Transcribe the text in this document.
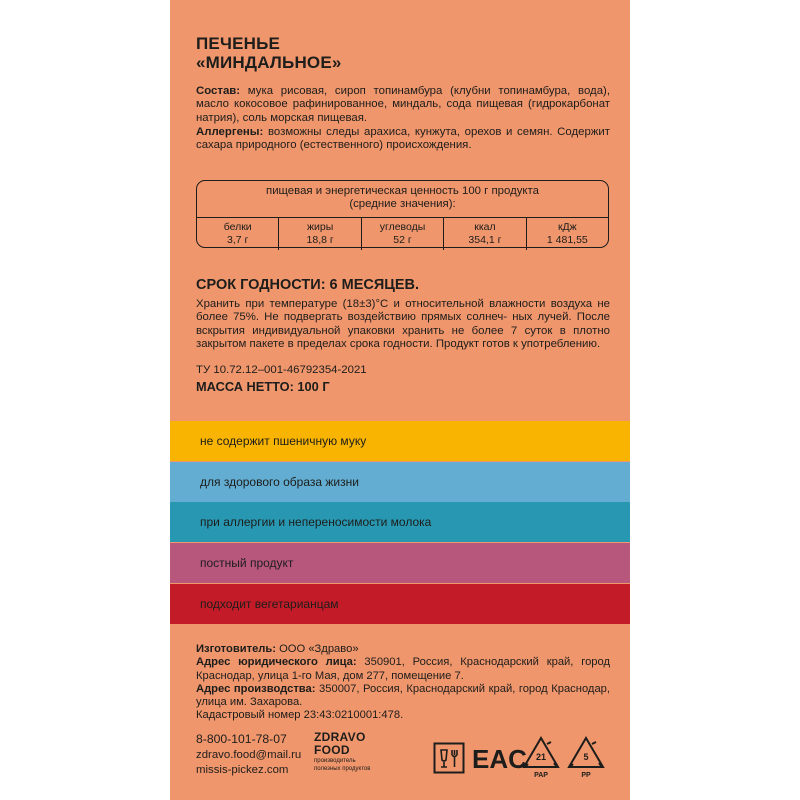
ПЕЧЕНЬЕ
«МИНДАЛЬНОЕ»
Состав: мука рисовая, сироп топинамбура (клубни топинамбура, вода), масло кокосовое рафинированное, миндаль, сода пищевая (гидрокарбонат натрия), соль морская пищевая.
Аллергены: возможны следы арахиса, кунжута, орехов и семян. Содержит сахара природного (естественного) происхождения.
пищевая и энергетическая ценность 100 г продукта
(средние значения):
белки
3,7 г
жиры
18,8 г
углеводы
52 г
ккал
354,1 г
кДж
1 481,55
СРОК ГОДНОСТИ: 6 МЕСЯЦЕВ.
Хранить при температуре (18±3)°С и относительной влажности воздуха не более 75%. Не подвергать воздействию прямых солнеч- ных лучей. После вскрытия индивидуальной упаковки хранить не более 7 суток в плотно закрытом пакете в пределах срока годности. Продукт готов к употреблению.
ТУ 10.72.12–001-46792354-2021
МАССА НЕТТО: 100 Г
не содержит пшеничную муку
для здорового образа жизни
при аллергии и непереносимости молока
постный продукт
подходит вегетарианцам
Изготовитель: ООО «Здраво»
Адрес юридического лица: 350901, Россия, Краснодарский край, город Краснодар, улица 1-го Мая, дом 277, помещение 7.
Адрес производства: 350007, Россия, Краснодарский край, город Краснодар, улица им. Захарова.
Кадастровый номер 23:43:0210001:478.
8-800-101-78-07
zdravo.food@mail.ru
missis-pickez.com
ZDRAVO
FOOD
производитель
полезных продуктов	EAC 21
PAP
5
PP
